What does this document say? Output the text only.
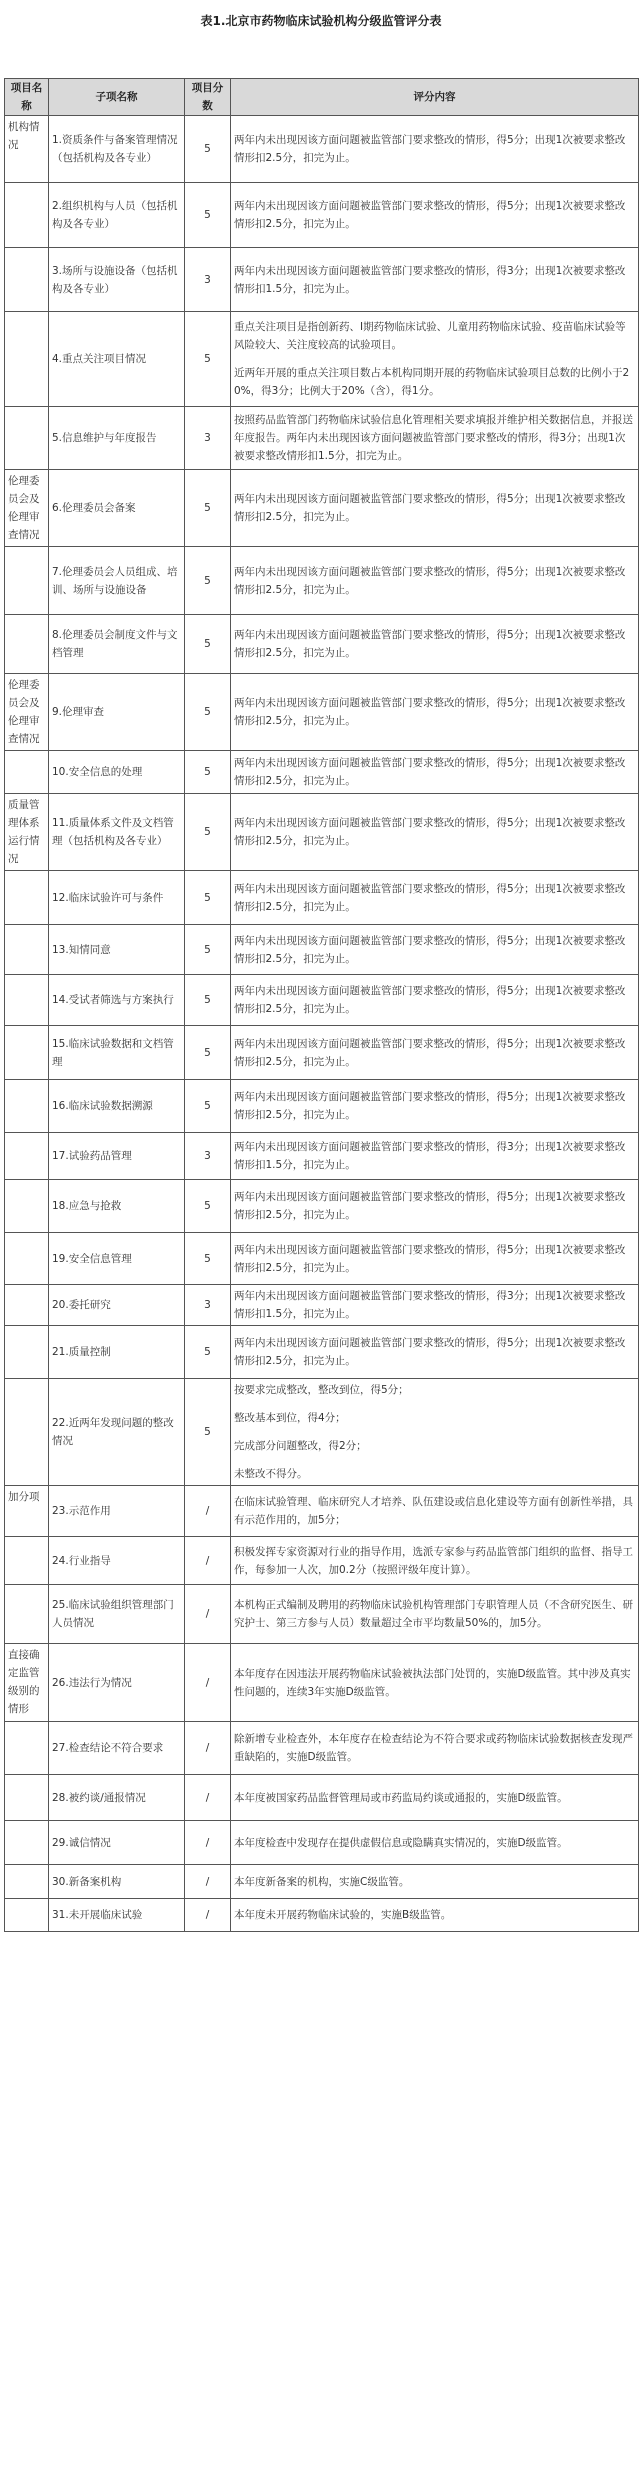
表1.北京市药物临床试验机构分级监管评分表
项目名称	子项名称	项目分数	评分内容
机构情况	1.资质条件与备案管理情况（包括机构及各专业）	5	两年内未出现因该方面问题被监管部门要求整改的情形，得5分；出现1次被要求整改情形扣2.5分，扣完为止。

	2.组织机构与人员（包括机构及各专业）	5	两年内未出现因该方面问题被监管部门要求整改的情形，得5分；出现1次被要求整改情形扣2.5分，扣完为止。

	3.场所与设施设备（包括机构及各专业）	3	两年内未出现因该方面问题被监管部门要求整改的情形，得3分；出现1次被要求整改情形扣1.5分，扣完为止。

	4.重点关注项目情况	5	重点关注项目是指创新药、I期药物临床试验、儿童用药物临床试验、疫苗临床试验等风险较大、关注度较高的试验项目。

近两年开展的重点关注项目数占本机构同期开展的药物临床试验项目总数的比例小于20%，得3分；比例大于20%（含），得1分。

	5.信息维护与年度报告	3	按照药品监管部门药物临床试验信息化管理相关要求填报并维护相关数据信息，并报送年度报告。两年内未出现因该方面问题被监管部门要求整改的情形，得3分；出现1次被要求整改情形扣1.5分，扣完为止。

伦理委员会及伦理审查情况	6.伦理委员会备案	5	两年内未出现因该方面问题被监管部门要求整改的情形，得5分；出现1次被要求整改情形扣2.5分，扣完为止。

	7.伦理委员会人员组成、培训、场所与设施设备	5	两年内未出现因该方面问题被监管部门要求整改的情形，得5分；出现1次被要求整改情形扣2.5分，扣完为止。

	8.伦理委员会制度文件与文档管理	5	两年内未出现因该方面问题被监管部门要求整改的情形，得5分；出现1次被要求整改情形扣2.5分，扣完为止。

伦理委员会及伦理审查情况	9.伦理审查	5	两年内未出现因该方面问题被监管部门要求整改的情形，得5分；出现1次被要求整改情形扣2.5分，扣完为止。

	10.安全信息的处理	5	两年内未出现因该方面问题被监管部门要求整改的情形，得5分；出现1次被要求整改情形扣2.5分，扣完为止。

质量管理体系运行情况	11.质量体系文件及文档管理（包括机构及各专业）	5	两年内未出现因该方面问题被监管部门要求整改的情形，得5分；出现1次被要求整改情形扣2.5分，扣完为止。

	12.临床试验许可与条件	5	两年内未出现因该方面问题被监管部门要求整改的情形，得5分；出现1次被要求整改情形扣2.5分，扣完为止。

	13.知情同意	5	两年内未出现因该方面问题被监管部门要求整改的情形，得5分；出现1次被要求整改情形扣2.5分，扣完为止。

	14.受试者筛选与方案执行	5	两年内未出现因该方面问题被监管部门要求整改的情形，得5分；出现1次被要求整改情形扣2.5分，扣完为止。

	15.临床试验数据和文档管理	5	两年内未出现因该方面问题被监管部门要求整改的情形，得5分；出现1次被要求整改情形扣2.5分，扣完为止。

	16.临床试验数据溯源	5	两年内未出现因该方面问题被监管部门要求整改的情形，得5分；出现1次被要求整改情形扣2.5分，扣完为止。

	17.试验药品管理	3	两年内未出现因该方面问题被监管部门要求整改的情形，得3分；出现1次被要求整改情形扣1.5分，扣完为止。

	18.应急与抢救	5	两年内未出现因该方面问题被监管部门要求整改的情形，得5分；出现1次被要求整改情形扣2.5分，扣完为止。

	19.安全信息管理	5	两年内未出现因该方面问题被监管部门要求整改的情形，得5分；出现1次被要求整改情形扣2.5分，扣完为止。

	20.委托研究	3	两年内未出现因该方面问题被监管部门要求整改的情形，得3分；出现1次被要求整改情形扣1.5分，扣完为止。

	21.质量控制	5	两年内未出现因该方面问题被监管部门要求整改的情形，得5分；出现1次被要求整改情形扣2.5分，扣完为止。

	22.近两年发现问题的整改情况	5	按要求完成整改，整改到位，得5分；

整改基本到位，得4分；

完成部分问题整改，得2分；

未整改不得分。

加分项	23.示范作用	/	在临床试验管理、临床研究人才培养、队伍建设或信息化建设等方面有创新性举措，具有示范作用的，加5分；

	24.行业指导	/	积极发挥专家资源对行业的指导作用，选派专家参与药品监管部门组织的监督、指导工作，每参加一人次，加0.2分（按照评级年度计算）。

	25.临床试验组织管理部门人员情况	/	本机构正式编制及聘用的药物临床试验机构管理部门专职管理人员（不含研究医生、研究护士、第三方参与人员）数量超过全市平均数量50%的，加5分。

直接确定监管级别的情形	26.违法行为情况	/	本年度存在因违法开展药物临床试验被执法部门处罚的，实施D级监管。其中涉及真实性问题的，连续3年实施D级监管。

	27.检查结论不符合要求	/	除新增专业检查外，本年度存在检查结论为不符合要求或药物临床试验数据核查发现严重缺陷的，实施D级监管。

	28.被约谈/通报情况	/	本年度被国家药品监督管理局或市药监局约谈或通报的，实施D级监管。

	29.诚信情况	/	本年度检查中发现存在提供虚假信息或隐瞒真实情况的，实施D级监管。

	30.新备案机构	/	本年度新备案的机构，实施C级监管。

	31.未开展临床试验	/	本年度未开展药物临床试验的，实施B级监管。
